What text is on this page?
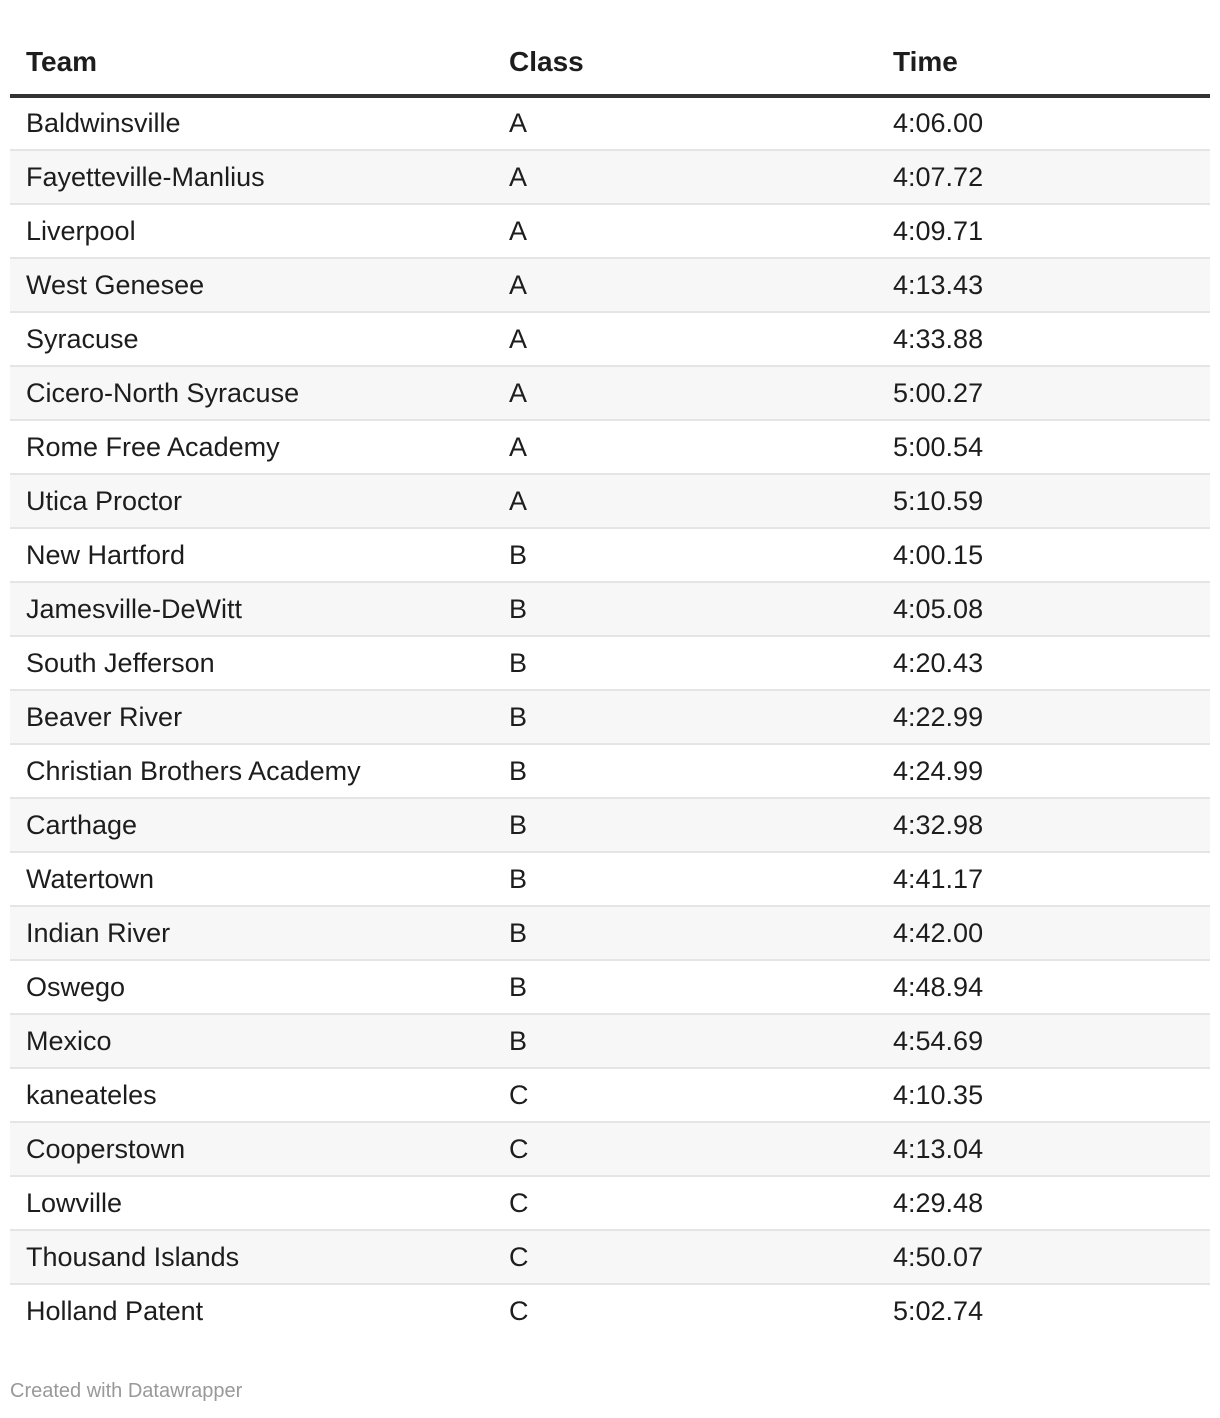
Team	Class	Time
Baldwinsville	A	4:06.00
Fayetteville-Manlius	A	4:07.72
Liverpool	A	4:09.71
West Genesee	A	4:13.43
Syracuse	A	4:33.88
Cicero-North Syracuse	A	5:00.27
Rome Free Academy	A	5:00.54
Utica Proctor	A	5:10.59
New Hartford	B	4:00.15
Jamesville-DeWitt	B	4:05.08
South Jefferson	B	4:20.43
Beaver River	B	4:22.99
Christian Brothers Academy	B	4:24.99
Carthage	B	4:32.98
Watertown	B	4:41.17
Indian River	B	4:42.00
Oswego	B	4:48.94
Mexico	B	4:54.69
kaneateles	C	4:10.35
Cooperstown	C	4:13.04
Lowville	C	4:29.48
Thousand Islands	C	4:50.07
Holland Patent	C	5:02.74
Created with Datawrapper
